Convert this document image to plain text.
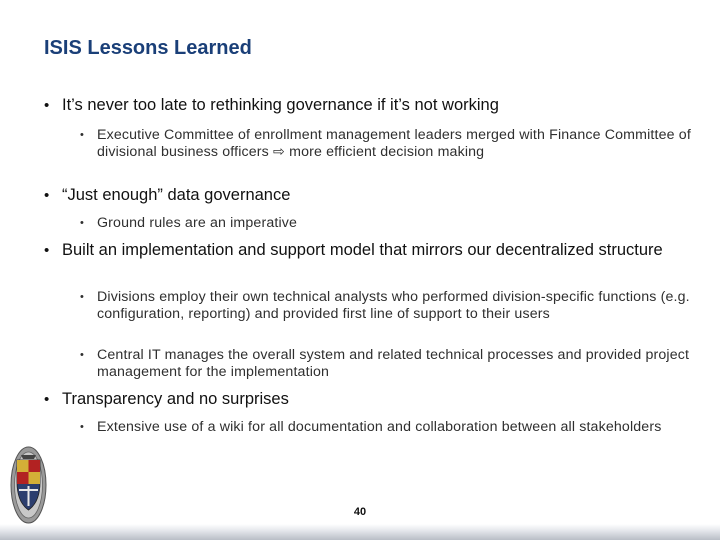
ISIS Lessons Learned
• It’s never too late to rethinking governance if it’s not working
• Executive Committee of enrollment management leaders merged with Finance Committee of divisional business officers ⇨ more efficient decision making
• “Just enough” data governance
• Ground rules are an imperative
• Built an implementation and support model that mirrors our decentralized structure
• Divisions employ their own technical analysts who performed division-specific functions (e.g. configuration, reporting) and provided first line of support to their users
• Central IT manages the overall system and related technical processes and provided project management for the implementation
• Transparency and no surprises
• Extensive use of a wiki for all documentation and collaboration between all stakeholders
40
